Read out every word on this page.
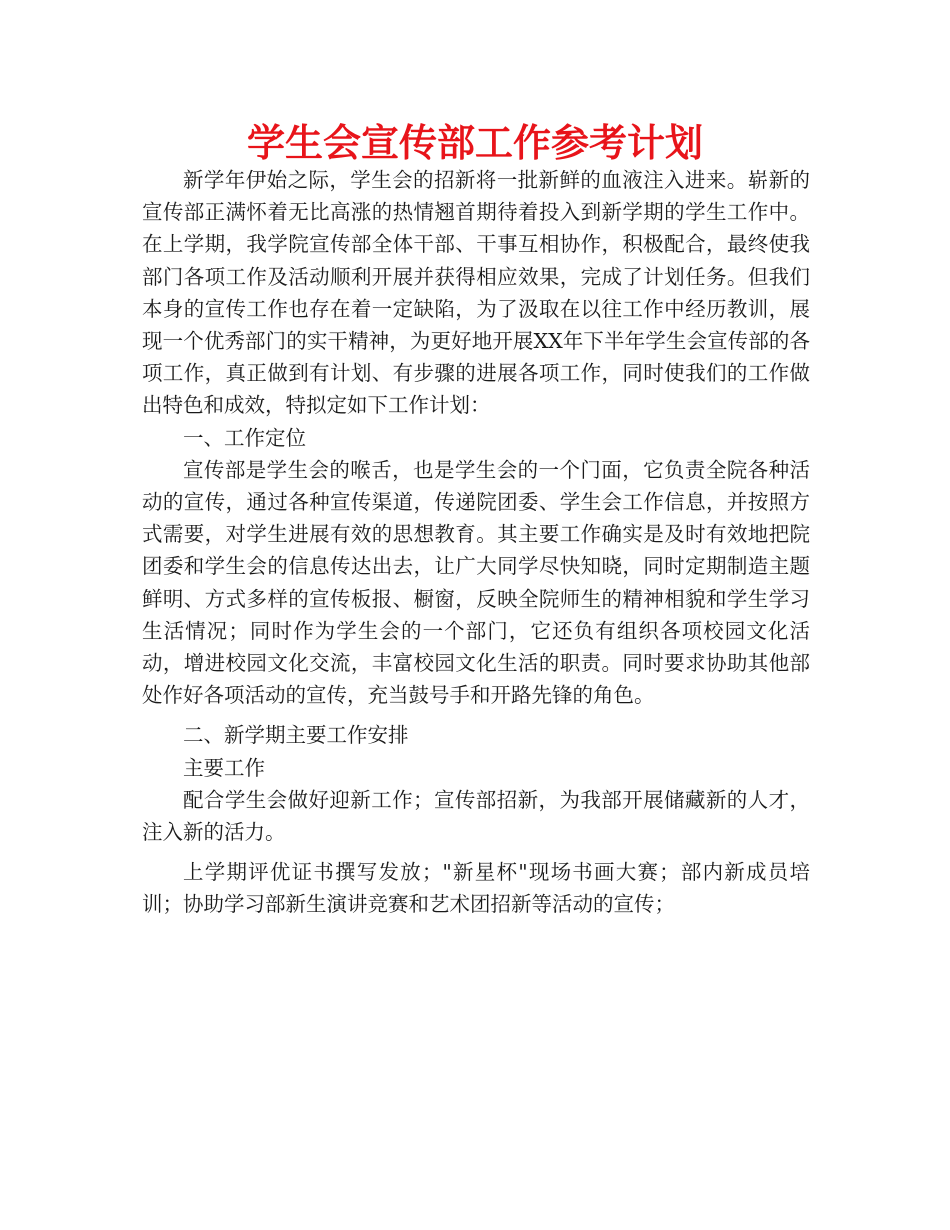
学生会宣传部工作参考计划

新学年伊始之际，学生会的招新将一批新鲜的血液注入进来。崭新的宣传部正满怀着无比高涨的热情翘首期待着投入到新学期的学生工作中。在上学期，我学院宣传部全体干部、干事互相协作，积极配合，最终使我部门各项工作及活动顺利开展并获得相应效果，完成了计划任务。但我们本身的宣传工作也存在着一定缺陷，为了汲取在以往工作中经历教训，展现一个优秀部门的实干精神，为更好地开展XX年下半年学生会宣传部的各项工作，真正做到有计划、有步骤的进展各项工作，同时使我们的工作做出特色和成效，特拟定如下工作计划：

一、工作定位

宣传部是学生会的喉舌，也是学生会的一个门面，它负责全院各种活动的宣传，通过各种宣传渠道，传递院团委、学生会工作信息，并按照方式需要，对学生进展有效的思想教育。其主要工作确实是及时有效地把院团委和学生会的信息传达出去，让广大同学尽快知晓，同时定期制造主题鲜明、方式多样的宣传板报、橱窗，反映全院师生的精神相貌和学生学习生活情况；同时作为学生会的一个部门，它还负有组织各项校园文化活动，增进校园文化交流，丰富校园文化生活的职责。同时要求协助其他部处作好各项活动的宣传，充当鼓号手和开路先锋的角色。

二、新学期主要工作安排

主要工作

配合学生会做好迎新工作；宣传部招新，为我部开展储藏新的人才，注入新的活力。

上学期评优证书撰写发放；"新星杯"现场书画大赛；部内新成员培训；协助学习部新生演讲竞赛和艺术团招新等活动的宣传；
